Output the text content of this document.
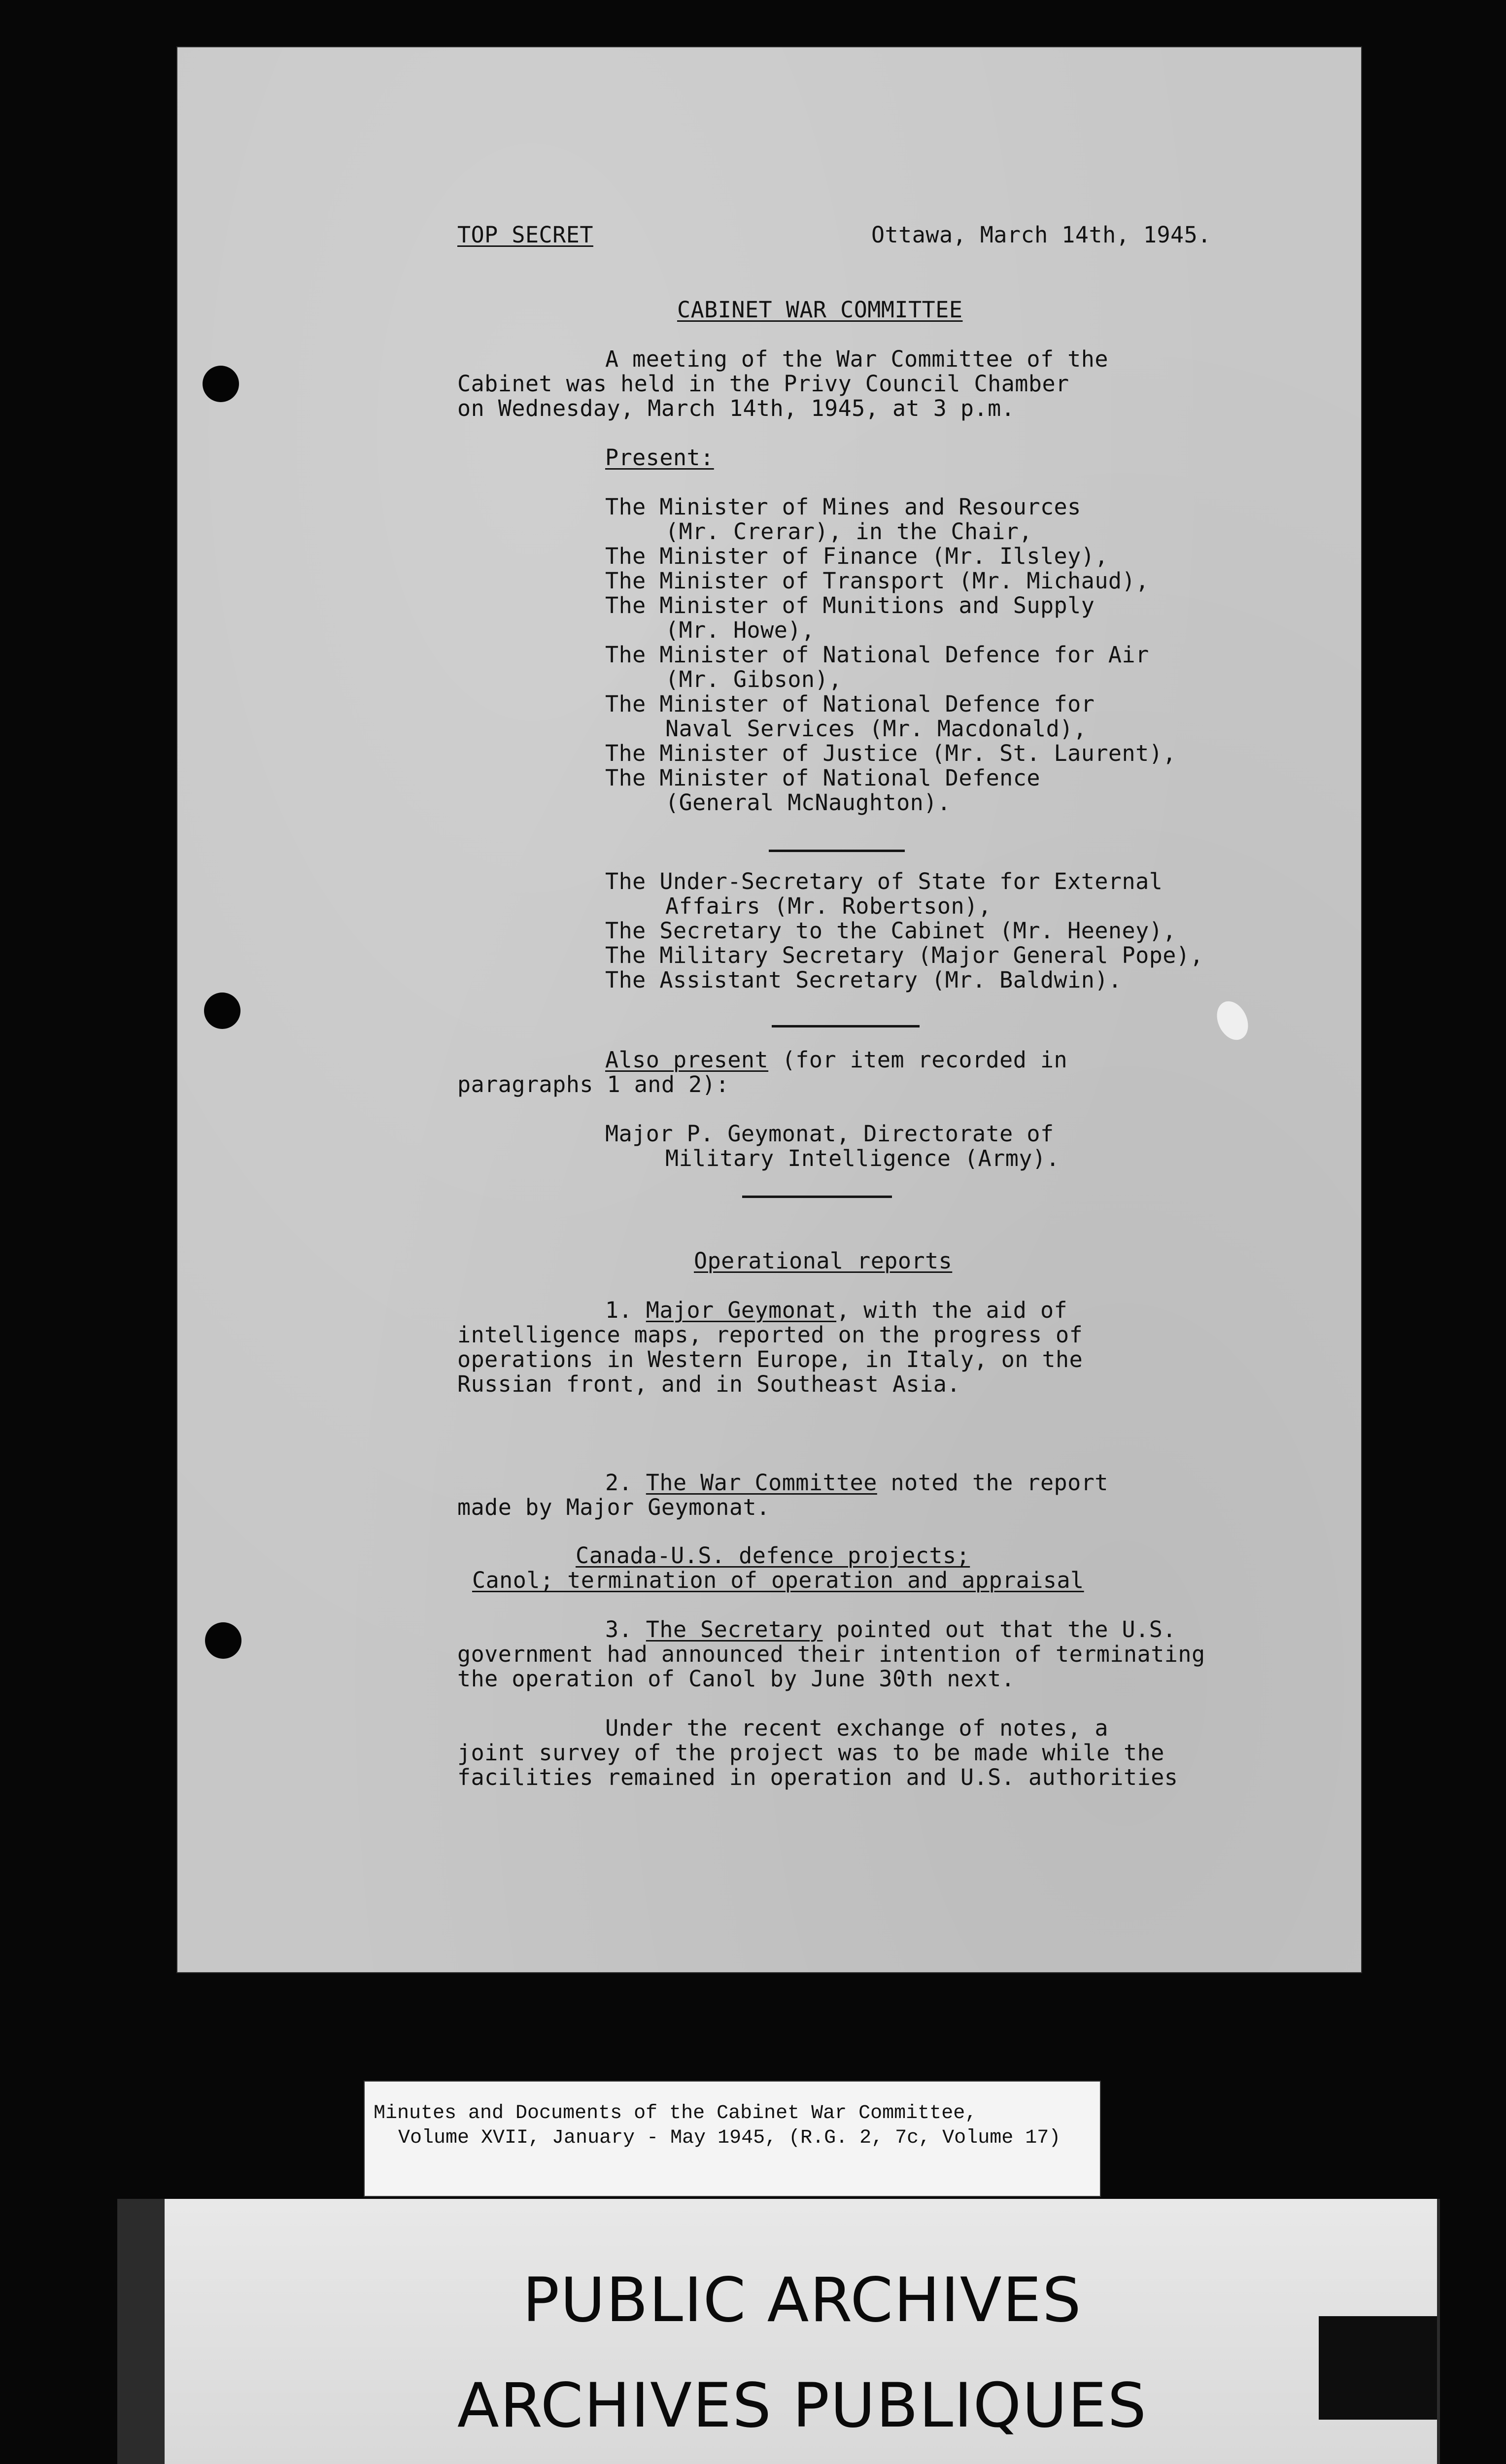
TOP SECRET	Ottawa, March 14th, 1945.

CABINET WAR COMMITTEE

A meeting of the War Committee of the

Cabinet was held in the Privy Council Chamber

on Wednesday, March 14th, 1945, at 3 p.m.

Present:

The Minister of Mines and Resources

(Mr. Crerar), in the Chair,

The Minister of Finance (Mr. Ilsley),

The Minister of Transport (Mr. Michaud),

The Minister of Munitions and Supply

(Mr. Howe),

The Minister of National Defence for Air

(Mr. Gibson),

The Minister of National Defence for

Naval Services (Mr. Macdonald),

The Minister of Justice (Mr. St. Laurent),

The Minister of National Defence

(General McNaughton).

The Under-Secretary of State for External

Affairs (Mr. Robertson),

The Secretary to the Cabinet (Mr. Heeney),

The Military Secretary (Major General Pope),

The Assistant Secretary (Mr. Baldwin).

Also present (for item recorded in

paragraphs 1 and 2):

Major P. Geymonat, Directorate of

Military Intelligence (Army).

Operational reports

1. Major Geymonat, with the aid of

intelligence maps, reported on the progress of

operations in Western Europe, in Italy, on the

Russian front, and in Southeast Asia.

2. The War Committee noted the report

made by Major Geymonat.

Canada-U.S. defence projects;

Canol; termination of operation and appraisal

3. The Secretary pointed out that the U.S.

government had announced their intention of terminating

the operation of Canol by June 30th next.

Under the recent exchange of notes, a

joint survey of the project was to be made while the

facilities remained in operation and U.S. authorities

Minutes and Documents of the Cabinet War Committee,

Volume XVII, January - May 1945, (R.G. 2, 7c, Volume 17)

PUBLIC ARCHIVES

ARCHIVES PUBLIQUES
